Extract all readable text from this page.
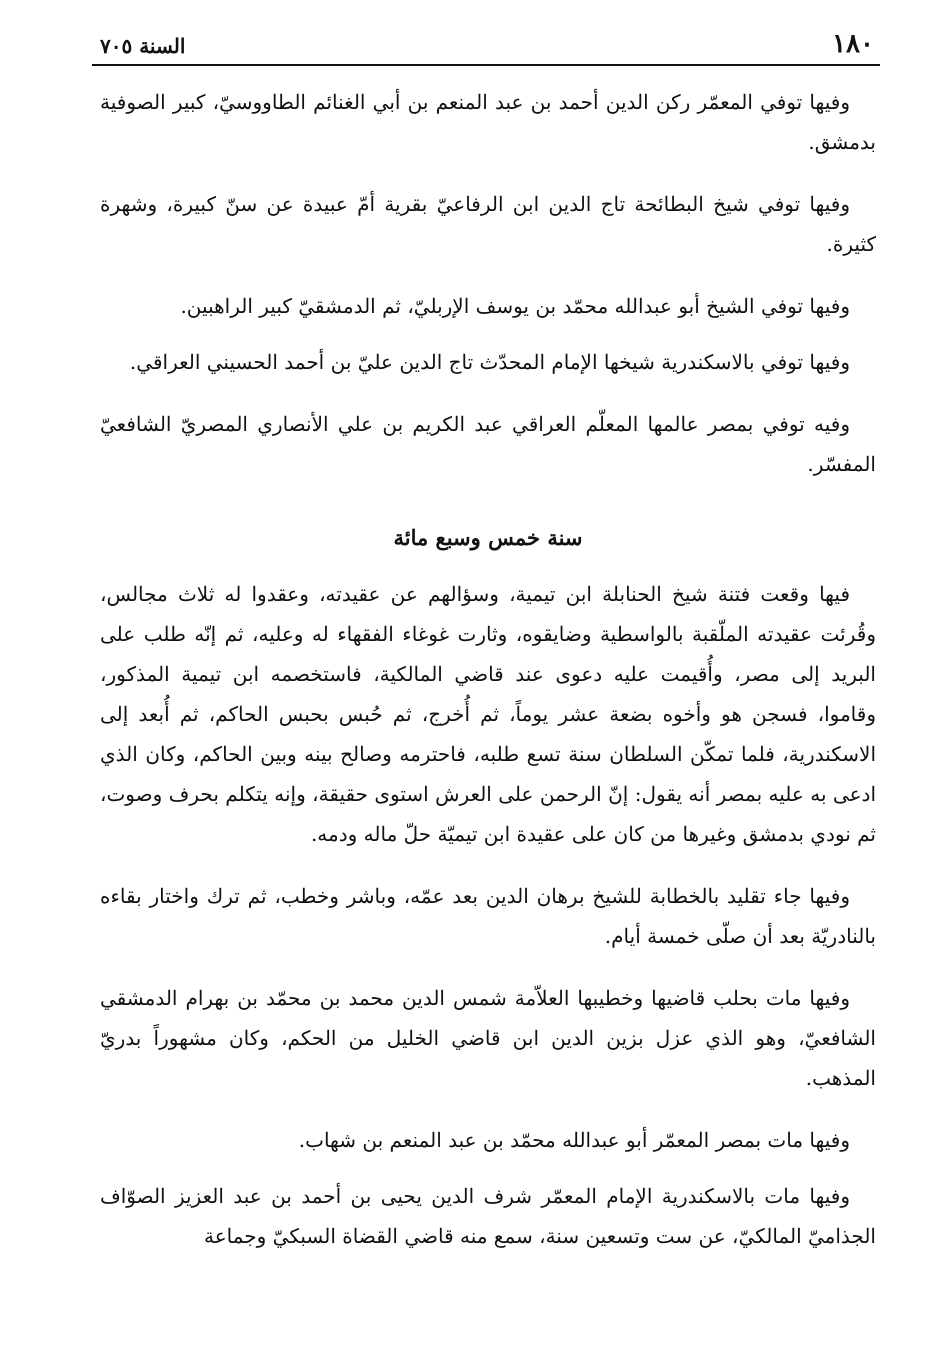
١٨٠
السنة ٧٠٥

وفيها توفي المعمّر ركن الدين أحمد بن عبد المنعم بن أبي الغنائم الطاووسيّ، كبير الصوفية بدمشق.

وفيها توفي شيخ البطائحة تاج الدين ابن الرفاعيّ بقرية أمّ عبيدة عن سنّ كبيرة، وشهرة كثيرة.

وفيها توفي الشيخ أبو عبدالله محمّد بن يوسف الإربليّ، ثم الدمشقيّ كبير الراهبين.

وفيها توفي بالاسكندرية شيخها الإمام المحدّث تاج الدين عليّ بن أحمد الحسيني العراقي.

وفيه توفي بمصر عالمها المعلّم العراقي عبد الكريم بن علي الأنصاري المصريّ الشافعيّ المفسّر.

سنة خمس وسبع مائة

فيها وقعت فتنة شيخ الحنابلة ابن تيمية، وسؤالهم عن عقيدته، وعقدوا له ثلاث مجالس، وقُرئت عقيدته الملّقبة بالواسطية وضايقوه، وثارت غوغاء الفقهاء له وعليه، ثم إنّه طلب على البريد إلى مصر، وأُقيمت عليه دعوى عند قاضي المالكية، فاستخصمه ابن تيمية المذكور، وقاموا، فسجن هو وأخوه بضعة عشر يوماً، ثم أُخرج، ثم حُبس بحبس الحاكم، ثم أُبعد إلى الاسكندرية، فلما تمكّن السلطان سنة تسع طلبه، فاحترمه وصالح بينه وبين الحاكم، وكان الذي ادعى به عليه بمصر أنه يقول: إنّ الرحمن على العرش استوى حقيقة، وإنه يتكلم بحرف وصوت، ثم نودي بدمشق وغيرها من كان على عقيدة ابن تيميّة حلّ ماله ودمه.

وفيها جاء تقليد بالخطابة للشيخ برهان الدين بعد عمّه، وباشر وخطب، ثم ترك واختار بقاءه بالنادريّة بعد أن صلّى خمسة أيام.

وفيها مات بحلب قاضيها وخطيبها العلاّمة شمس الدين محمد بن محمّد بن بهرام الدمشقي الشافعيّ، وهو الذي عزل بزين الدين ابن قاضي الخليل من الحكم، وكان مشهوراً بدريّ المذهب.

وفيها مات بمصر المعمّر أبو عبدالله محمّد بن عبد المنعم بن شهاب.

وفيها مات بالاسكندرية الإمام المعمّر شرف الدين يحيى بن أحمد بن عبد العزيز الصوّاف الجذاميّ المالكيّ، عن ست وتسعين سنة، سمع منه قاضي القضاة السبكيّ وجماعة
